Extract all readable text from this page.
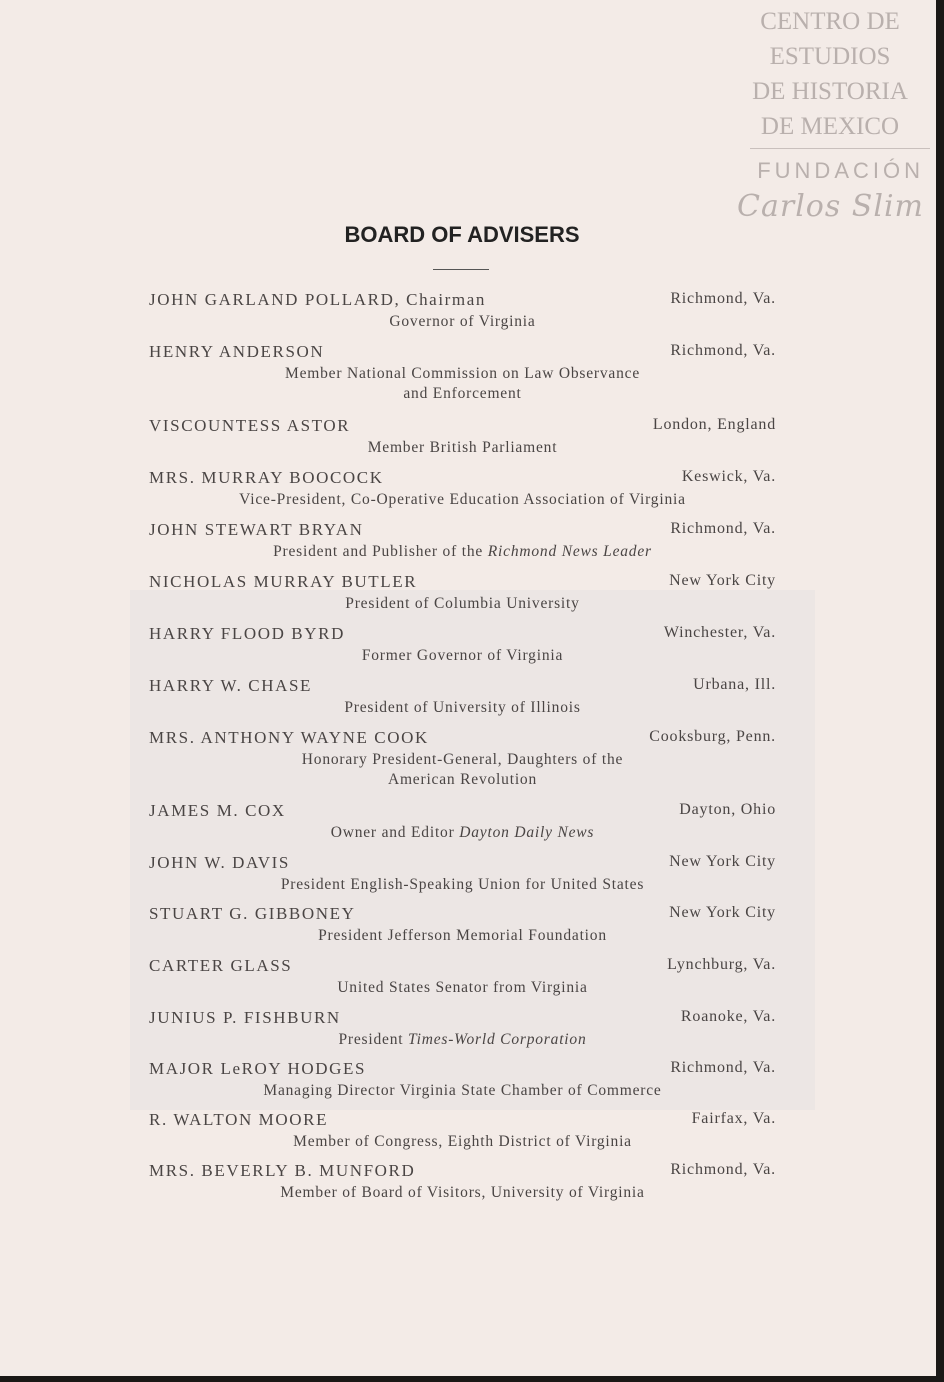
CENTRO DE
ESTUDIOS
DE HISTORIA
DE MEXICO
FUNDACIÓN
Carlos Slim
BOARD OF ADVISERS
JOHN GARLAND POLLARD, Chairman	Richmond, Va.
Governor of Virginia
HENRY ANDERSON	Richmond, Va.
Member National Commission on Law Observance
and Enforcement
VISCOUNTESS ASTOR	London, England
Member British Parliament
MRS. MURRAY BOOCOCK	Keswick, Va.
Vice-President, Co-Operative Education Association of Virginia
JOHN STEWART BRYAN	Richmond, Va.
President and Publisher of the Richmond News Leader
NICHOLAS MURRAY BUTLER	New York City
President of Columbia University
HARRY FLOOD BYRD	Winchester, Va.
Former Governor of Virginia
HARRY W. CHASE	Urbana, Ill.
President of University of Illinois
MRS. ANTHONY WAYNE COOK	Cooksburg, Penn.
Honorary President-General, Daughters of the
American Revolution
JAMES M. COX	Dayton, Ohio
Owner and Editor Dayton Daily News
JOHN W. DAVIS	New York City
President English-Speaking Union for United States
STUART G. GIBBONEY	New York City
President Jefferson Memorial Foundation
CARTER GLASS	Lynchburg, Va.
United States Senator from Virginia
JUNIUS P. FISHBURN	Roanoke, Va.
President Times-World Corporation
MAJOR LeROY HODGES	Richmond, Va.
Managing Director Virginia State Chamber of Commerce
R. WALTON MOORE	Fairfax, Va.
Member of Congress, Eighth District of Virginia
MRS. BEVERLY B. MUNFORD	Richmond, Va.
Member of Board of Visitors, University of Virginia
